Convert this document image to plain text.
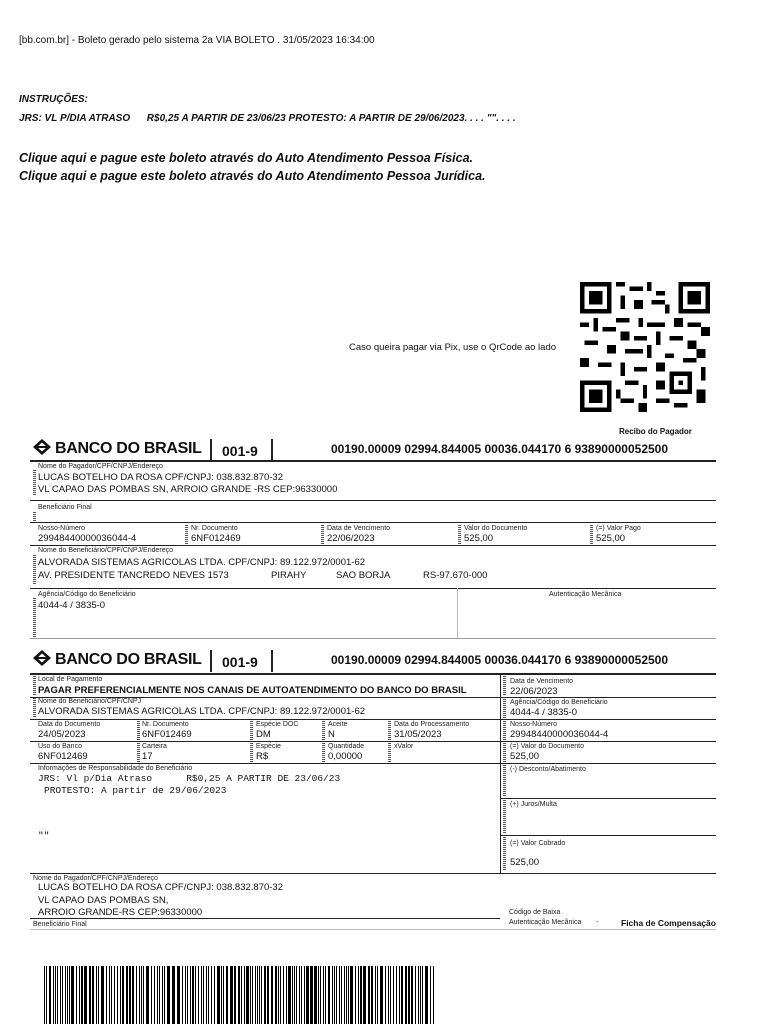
[bb.com.br] - Boleto gerado pelo sistema 2a VIA BOLETO . 31/05/2023 16:34:00
INSTRUÇÕES:
JRS: VL P/DIA ATRASO      R$0,25 A PARTIR DE 23/06/23 PROTESTO: A PARTIR DE 29/06/2023. . . . "". . . .
Clique aqui e pague este boleto através do Auto Atendimento Pessoa Física.
Clique aqui e pague este boleto através do Auto Atendimento Pessoa Jurídica.
Caso queira pagar via Pix, use o QrCode ao lado
Recibo do Pagador
BANCO DO BRASIL 001-9	00190.00009 02994.844005 00036.044170 6 93890000052500
Nome do Pagador/CPF/CNPJ/Endereço
LUCAS BOTELHO DA ROSA CPF/CNPJ: 038.832.870-32
VL CAPAO DAS POMBAS SN, ARROIO GRANDE -RS CEP:96330000
Beneficiário Final
Nosso-Número
29948440000036044-4
Nr. Documento
6NF012469
Data de Vencimento
22/06/2023
Valor do Documento
525,00
(=) Valor Pago
525,00
Nome do Beneficiário/CPF/CNPJ/Endereço
ALVORADA SISTEMAS AGRICOLAS LTDA. CPF/CNPJ: 89.122.972/0001-62
AV. PRESIDENTE TANCREDO NEVES 1573	PIRAHY	SAO BORJA	RS-97.670-000
Agência/Código do Beneficiário
4044-4 / 3835-0
Autenticação Mecânica
BANCO DO BRASIL 001-9	00190.00009 02994.844005 00036.044170 6 93890000052500
Local de Pagamento
PAGAR PREFERENCIALMENTE NOS CANAIS DE AUTOATENDIMENTO DO BANCO DO BRASIL
Nome do Beneficiário/CPF/CNPJ
ALVORADA SISTEMAS AGRICOLAS LTDA. CPF/CNPJ: 89.122.972/0001-62
Data do Documento
24/05/2023
Nr. Documento
6NF012469
Espécie DOC
DM
Aceite
N
Data do Processamento
31/05/2023
Uso do Banco
6NF012469
Carteira
17
Espécie
R$
Quantidade
0,00000
xValor
Informações de Responsabilidade do Beneficiário
JRS: Vl p/Dia Atraso      R$0,25 A PARTIR DE 23/06/23
PROTESTO: A partir de 29/06/2023
""
Data de Vencimento
22/06/2023
Agência/Código do Beneficiário
4044-4 / 3835-0
Nosso-Número
29948440000036044-4
(=) Valor do Documento
525,00
(-) Desconto/Abatimento
(+) Juros/Multa
(=) Valor Cobrado
525,00
Nome do Pagador/CPF/CNPJ/Endereço
LUCAS BOTELHO DA ROSA CPF/CNPJ: 038.832.870-32
VL CAPAO DAS POMBAS SN,
ARROIO GRANDE-RS CEP:96330000	Código de Baixa
Beneficiário Final	Autenticação Mecânica -	Ficha de Compensação
